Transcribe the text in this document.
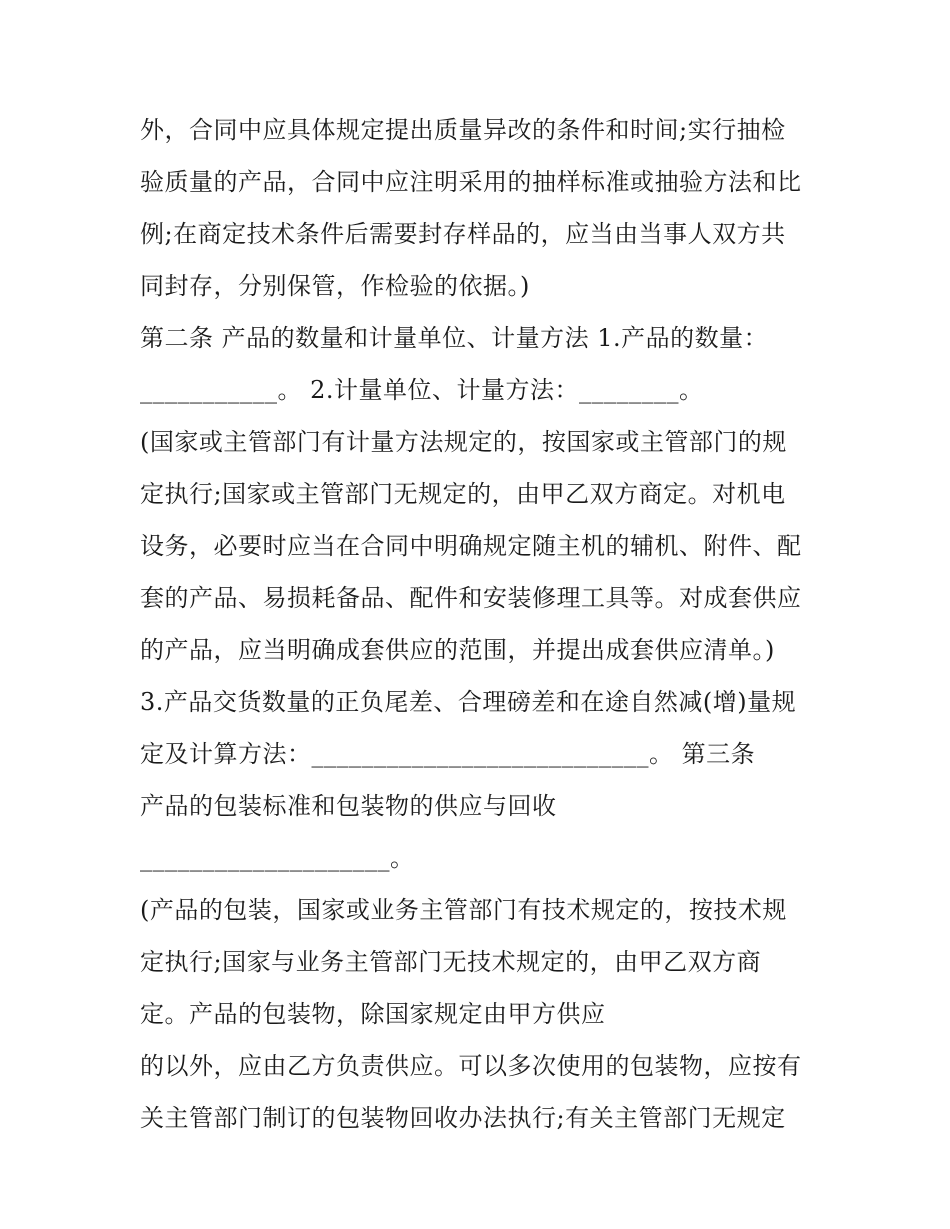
外，合同中应具体规定提出质量异改的条件和时间;实行抽检
验质量的产品，合同中应注明采用的抽样标准或抽验方法和比
例;在商定技术条件后需要封存样品的，应当由当事人双方共
同封存，分别保管，作检验的依据。)
第二条 产品的数量和计量单位、计量方法 1.产品的数量：
___________。 2.计量单位、计量方法：________。
(国家或主管部门有计量方法规定的，按国家或主管部门的规
定执行;国家或主管部门无规定的，由甲乙双方商定。对机电
设务，必要时应当在合同中明确规定随主机的辅机、附件、配
套的产品、易损耗备品、配件和安装修理工具等。对成套供应
的产品，应当明确成套供应的范围，并提出成套供应清单。)
3.产品交货数量的正负尾差、合理磅差和在途自然减(增)量规
定及计算方法：___________________________。 第三条
产品的包装标准和包装物的供应与回收
____________________。
(产品的包装，国家或业务主管部门有技术规定的，按技术规
定执行;国家与业务主管部门无技术规定的，由甲乙双方商
定。产品的包装物，除国家规定由甲方供应
的以外，应由乙方负责供应。可以多次使用的包装物，应按有
关主管部门制订的包装物回收办法执行;有关主管部门无规定
